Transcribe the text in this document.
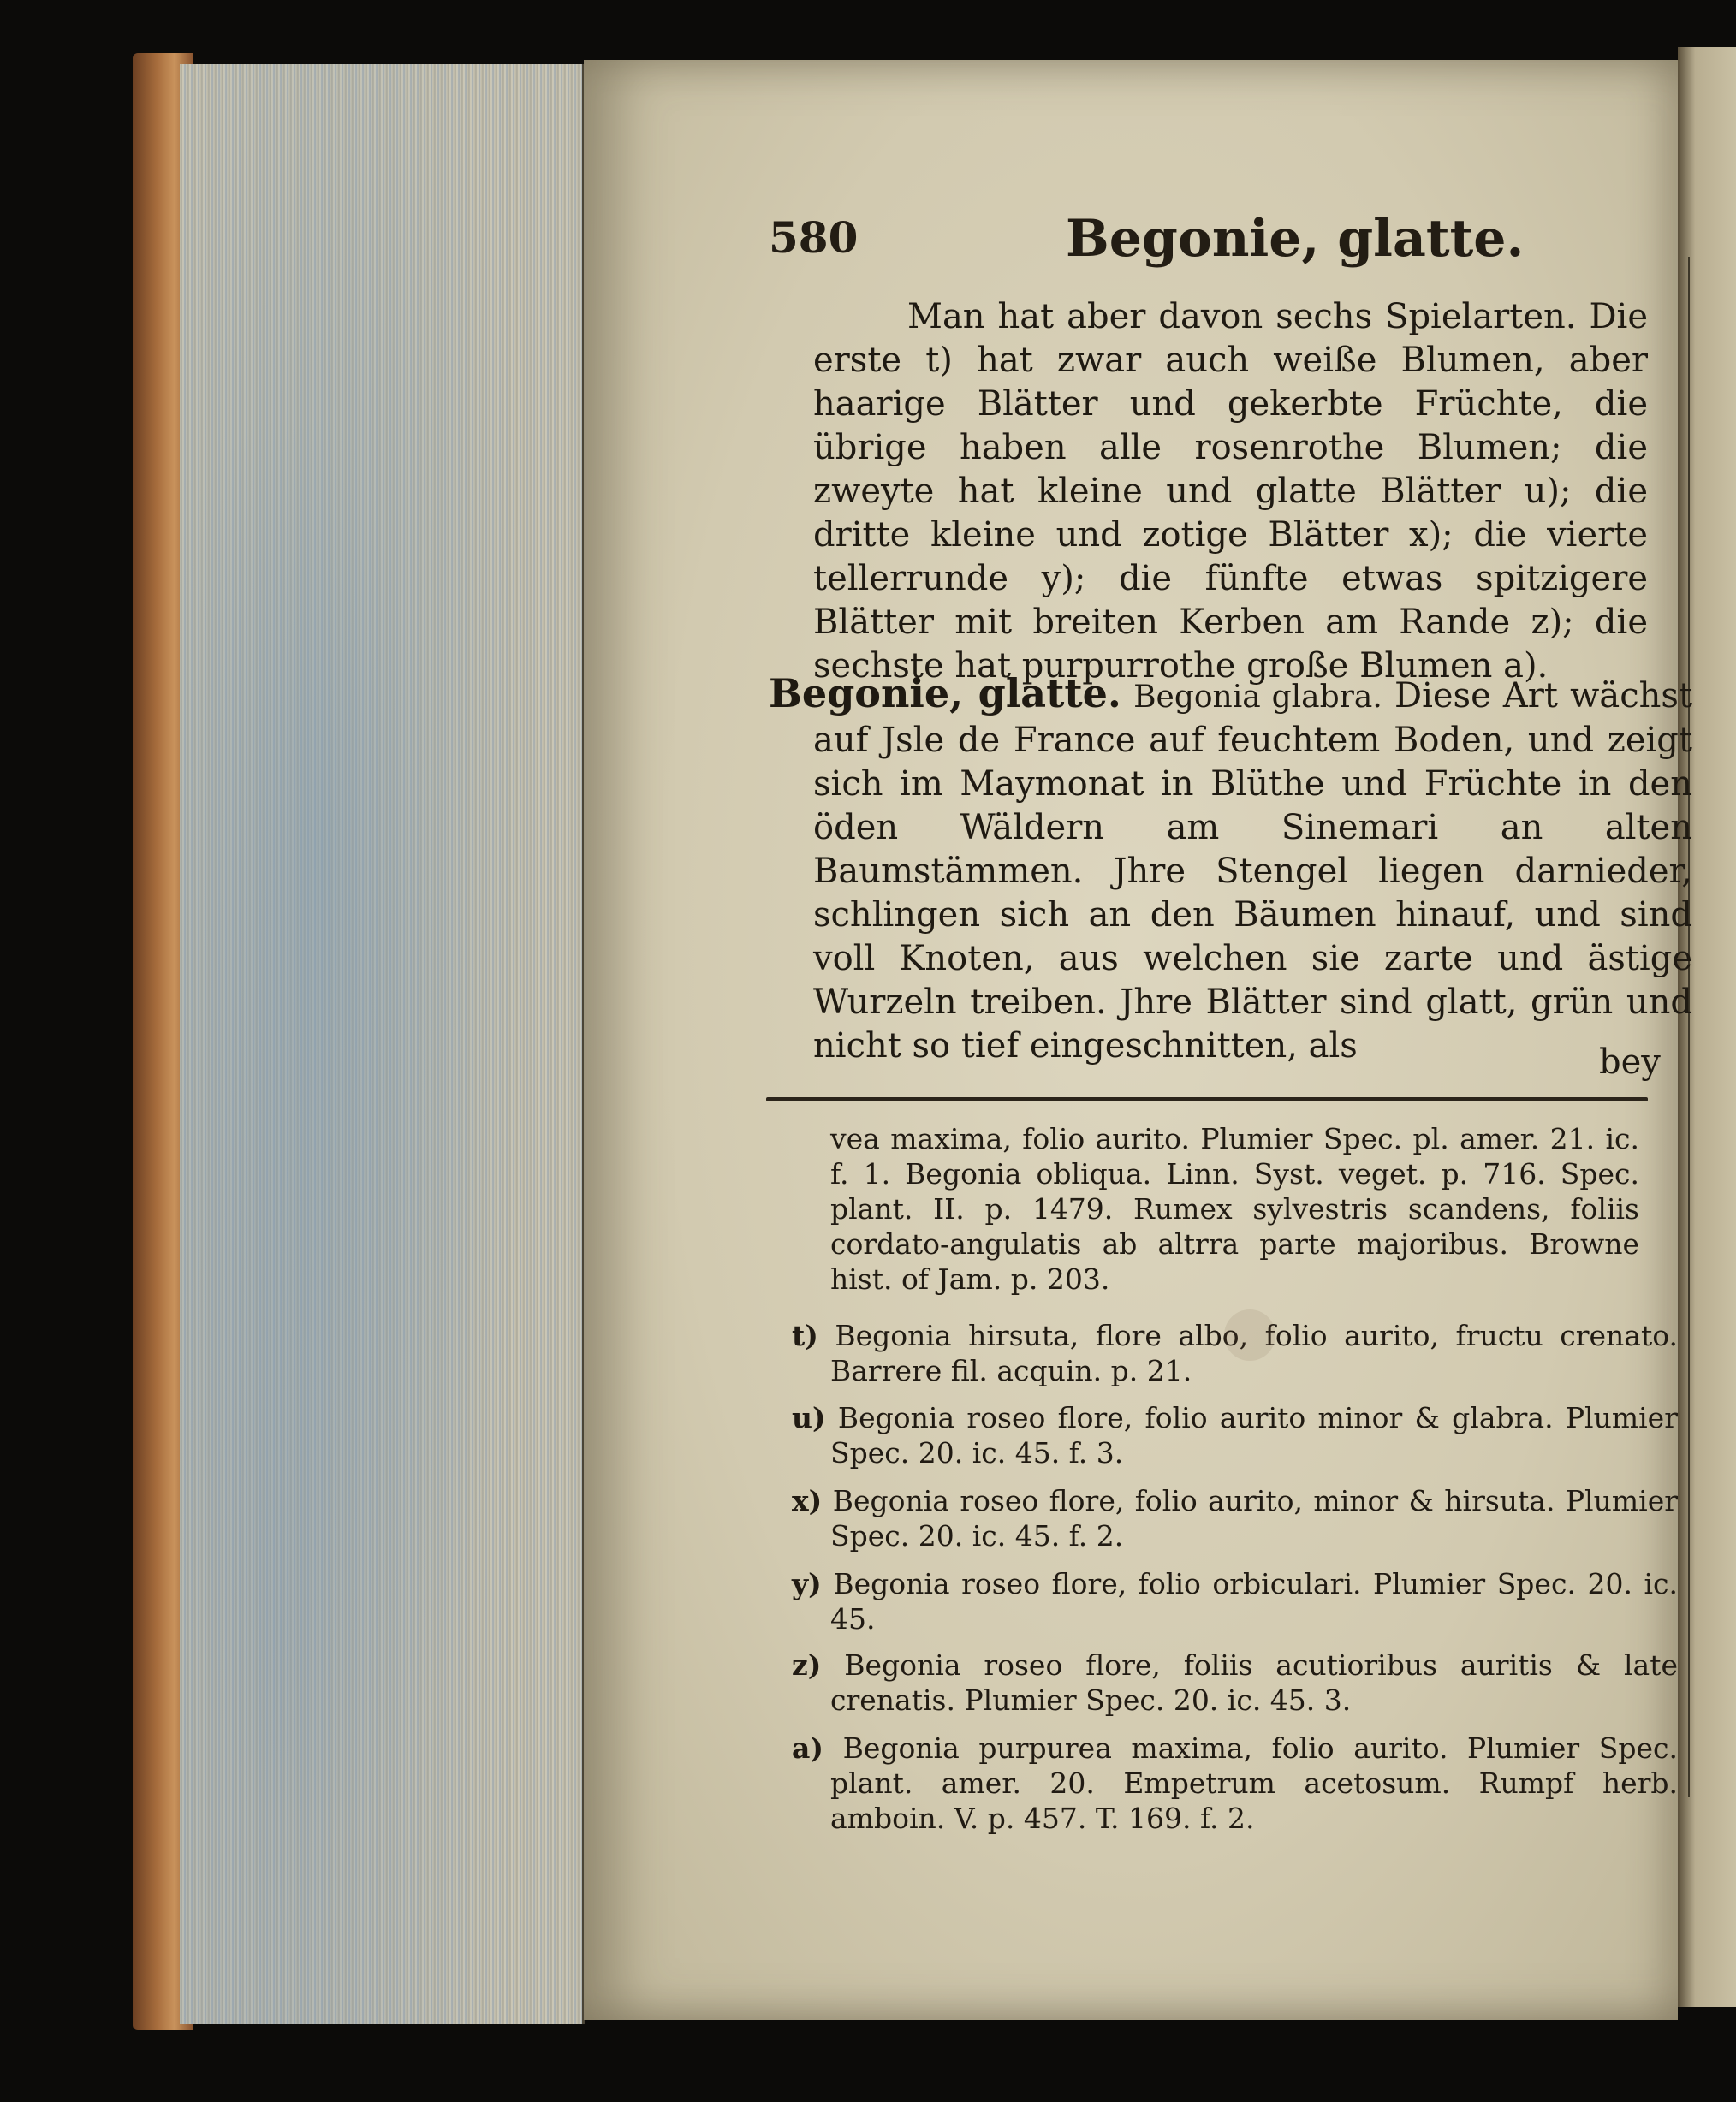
580	Begonie, glatte.
Man hat aber davon sechs Spielarten. Die erste t) hat zwar auch weiße Blumen, aber haarige Blätter und gekerbte Früchte, die übrige haben alle rosenrothe Blumen; die zweyte hat kleine und glatte Blätter u); die dritte kleine und zotige Blätter x); die vierte tellerrunde y); die fünfte etwas spitzigere Blätter mit breiten Kerben am Rande z); die sechste hat purpurrothe große Blumen a).
Begonie, glatte. Begonia glabra. Diese Art wächst auf Jsle de France auf feuchtem Boden, und zeigt sich im Maymonat in Blüthe und Früchte in den öden Wäldern am Sinemari an alten Baumstämmen. Jhre Stengel liegen darnieder, schlingen sich an den Bäumen hinauf, und sind voll Knoten, aus welchen sie zarte und ästige Wurzeln treiben. Jhre Blätter sind glatt, grün und nicht so tief eingeschnitten, als	bey
vea maxima, folio aurito. Plumier Spec. pl. amer. 21. ic. f. 1. Begonia obliqua. Linn. Syst. veget. p. 716. Spec. plant. II. p. 1479. Rumex sylvestris scandens, foliis cordato-angulatis ab altrra parte majoribus. Browne hist. of Jam. p. 203.
t) Begonia hirsuta, flore albo, folio aurito, fructu crenato. Barrere fil. acquin. p. 21.
u) Begonia roseo flore, folio aurito minor & glabra. Plumier Spec. 20. ic. 45. f. 3.
x) Begonia roseo flore, folio aurito, minor & hirsuta. Plumier Spec. 20. ic. 45. f. 2.
y) Begonia roseo flore, folio orbiculari. Plumier Spec. 20. ic. 45.
z) Begonia roseo flore, foliis acutioribus auritis & late crenatis. Plumier Spec. 20. ic. 45. 3.
a) Begonia purpurea maxima, folio aurito. Plumier Spec. plant. amer. 20. Empetrum acetosum. Rumpf herb. amboin. V. p. 457. T. 169. f. 2.
